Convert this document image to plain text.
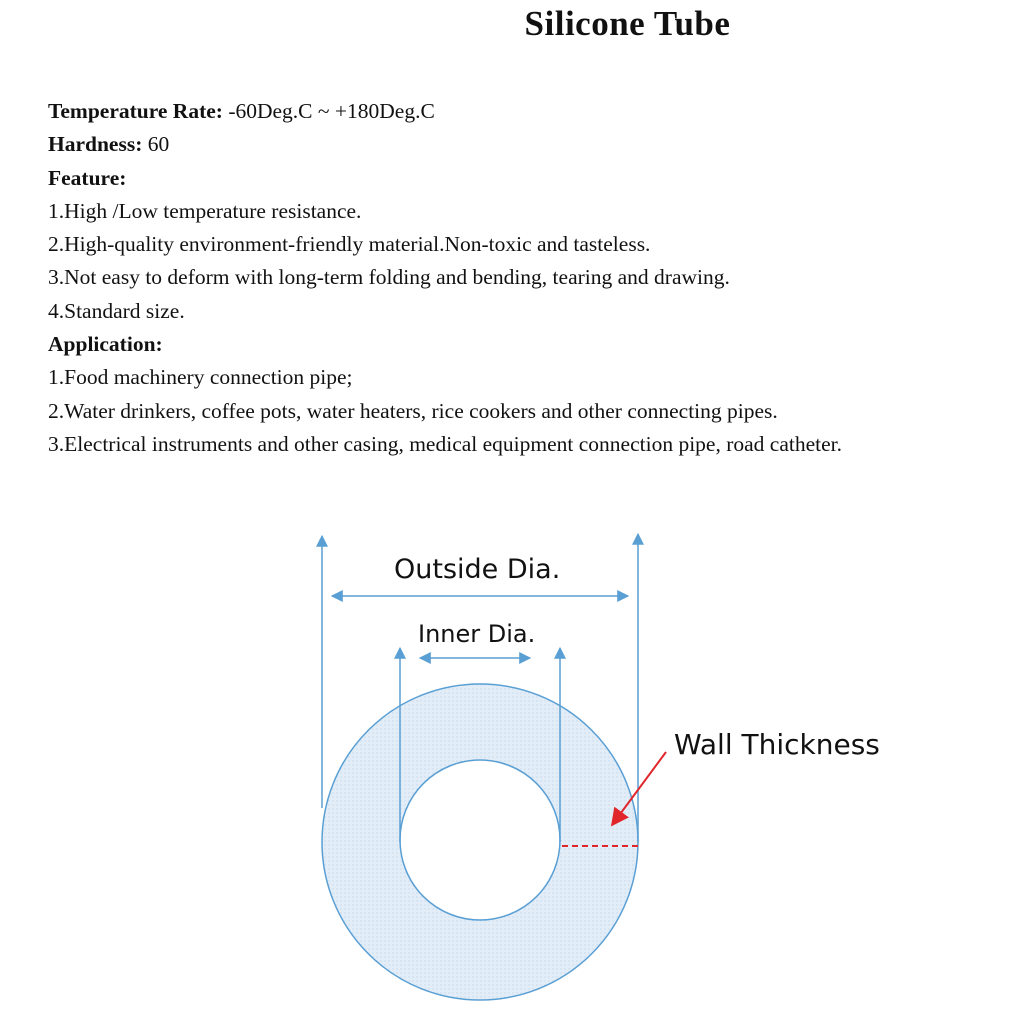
Silicone Tube

Temperature Rate: -60Deg.C ~ +180Deg.C

Hardness: 60

Feature:

1.High /Low temperature resistance.

2.High-quality environment-friendly material.Non-toxic and tasteless.

3.Not easy to deform with long-term folding and bending, tearing and drawing.

4.Standard size.

Application:

1.Food machinery connection pipe;

2.Water drinkers, coffee pots, water heaters, rice cookers and other connecting pipes.

3.Electrical instruments and other casing, medical equipment connection pipe, road catheter.

Outside Dia.
Inner Dia.
Wall Thickness
